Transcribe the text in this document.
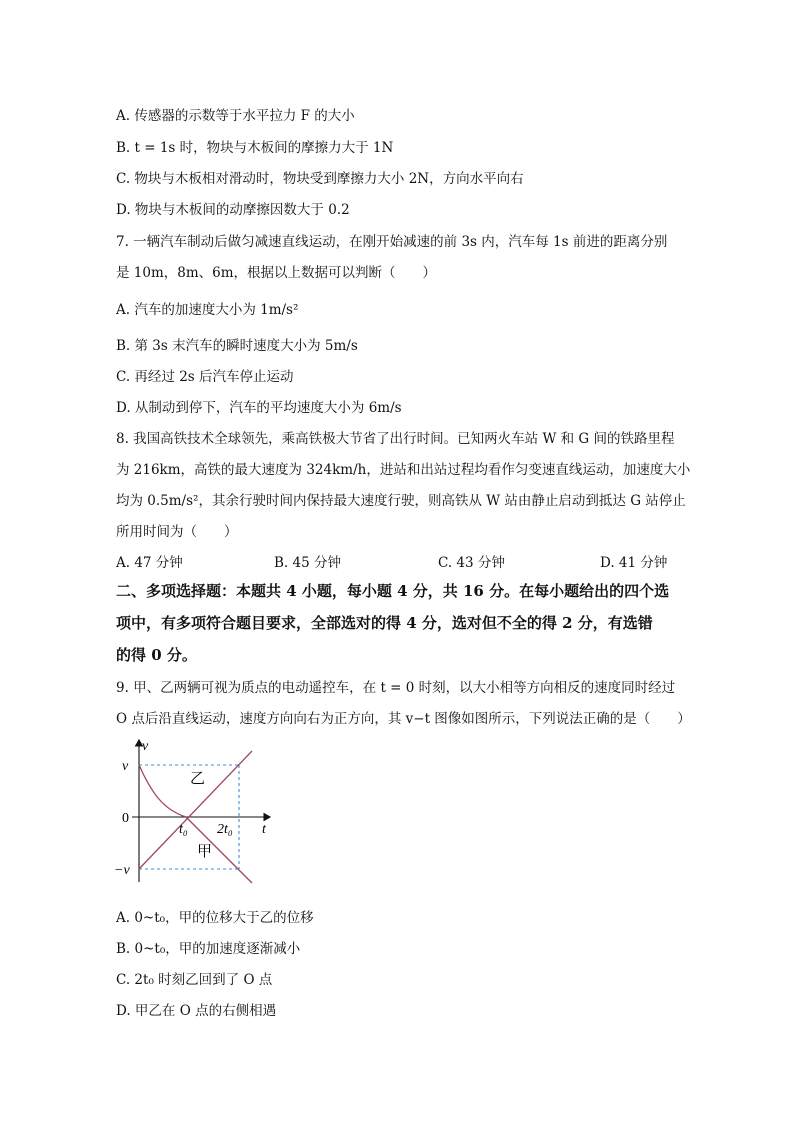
A. 传感器的示数等于水平拉力 F 的大小
B. t = 1s 时，物块与木板间的摩擦力大于 1N
C. 物块与木板相对滑动时，物块受到摩擦力大小 2N，方向水平向右
D. 物块与木板间的动摩擦因数大于 0.2
7. 一辆汽车制动后做匀减速直线运动，在刚开始减速的前 3s 内，汽车每 1s 前进的距离分别
是 10m，8m、6m，根据以上数据可以判断（　　）
A. 汽车的加速度大小为 1m/s²
B. 第 3s 末汽车的瞬时速度大小为 5m/s
C. 再经过 2s 后汽车停止运动
D. 从制动到停下，汽车的平均速度大小为 6m/s
8. 我国高铁技术全球领先，乘高铁极大节省了出行时间。已知两火车站 W 和 G 间的铁路里程
为 216km，高铁的最大速度为 324km/h，进站和出站过程均看作匀变速直线运动，加速度大小
均为 0.5m/s²，其余行驶时间内保持最大速度行驶，则高铁从 W 站由静止启动到抵达 G 站停止
所用时间为（　　）
A. 47 分钟	B. 45 分钟	C. 43 分钟	D. 41 分钟
二、多项选择题：本题共 4 小题，每小题 4 分，共 16 分。在每小题给出的四个选
项中，有多项符合题目要求，全部选对的得 4 分，选对但不全的得 2 分，有选错
的得 0 分。
9. 甲、乙两辆可视为质点的电动遥控车，在 t = 0 时刻，以大小相等方向相反的速度同时经过
O 点后沿直线运动，速度方向向右为正方向，其 v−t 图像如图所示，下列说法正确的是（　　）
v
t
v
−v
0
t₀ 2t₀
乙
甲
A. 0~t₀，甲的位移大于乙的位移
B. 0~t₀，甲的加速度逐渐减小
C. 2t₀ 时刻乙回到了 O 点
D. 甲乙在 O 点的右侧相遇
